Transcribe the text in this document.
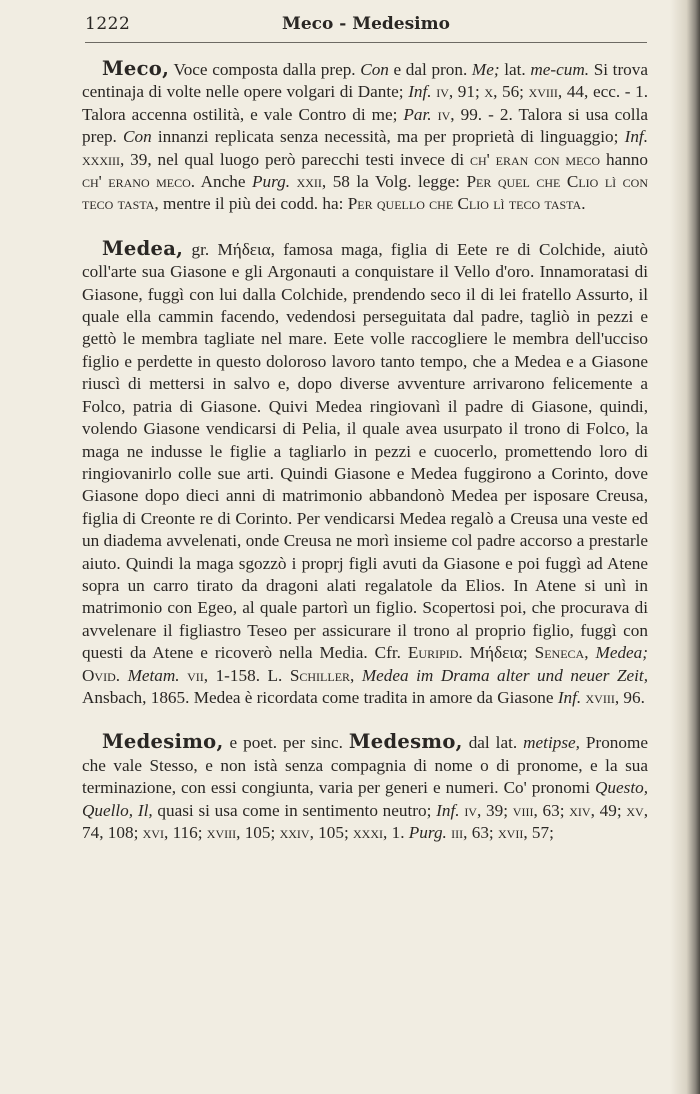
1222	Meco - Medesimo

Meco, Voce composta dalla prep. Con e dal pron. Me; lat. me-cum. Si trova centinaja di volte nelle opere volgari di Dante; Inf. iv, 91; x, 56; xviii, 44, ecc. - 1. Talora accenna ostilità, e vale Contro di me; Par. iv, 99. - 2. Talora si usa colla prep. Con innanzi replicata senza necessità, ma per proprietà di linguaggio; Inf. xxxiii, 39, nel qual luogo però parecchi testi invece di ch' eran con meco hanno ch' erano meco. Anche Purg. xxii, 58 la Volg. legge: Per quel che Clio lì con teco tasta, mentre il più dei codd. ha: Per quello che Clio lì teco tasta.

Medea, gr. Μήδεια, famosa maga, figlia di Eete re di Colchide, aiutò coll'arte sua Giasone e gli Argonauti a conquistare il Vello d'oro. Innamoratasi di Giasone, fuggì con lui dalla Colchide, prendendo seco il di lei fratello Assurto, il quale ella cammin facendo, vedendosi perseguitata dal padre, tagliò in pezzi e gettò le membra tagliate nel mare. Eete volle raccogliere le membra dell'ucciso figlio e perdette in questo doloroso lavoro tanto tempo, che a Medea e a Giasone riuscì di mettersi in salvo e, dopo diverse avventure arrivarono felicemente a Folco, patria di Giasone. Quivi Medea ringiovanì il padre di Giasone, quindi, volendo Giasone vendicarsi di Pelia, il quale avea usurpato il trono di Folco, la maga ne indusse le figlie a tagliarlo in pezzi e cuocerlo, promettendo loro di ringiovanirlo colle sue arti. Quindi Giasone e Medea fuggirono a Corinto, dove Giasone dopo dieci anni di matrimonio abbandonò Medea per isposare Creusa, figlia di Creonte re di Corinto. Per vendicarsi Medea regalò a Creusa una veste ed un diadema avvelenati, onde Creusa ne morì insieme col padre accorso a prestarle aiuto. Quindi la maga sgozzò i proprj figli avuti da Giasone e poi fuggì ad Atene sopra un carro tirato da dragoni alati regalatole da Elios. In Atene si unì in matrimonio con Egeo, al quale partorì un figlio. Scopertosi poi, che procurava di avvelenare il figliastro Teseo per assicurare il trono al proprio figlio, fuggì con questi da Atene e ricoverò nella Media. Cfr. Euripid. Μήδεια; Seneca, Medea; Ovid. Metam. vii, 1-158. L. Schiller, Medea im Drama alter und neuer Zeit, Ansbach, 1865. Medea è ricordata come tradita in amore da Giasone Inf. xviii, 96.

Medesimo, e poet. per sinc. Medesmo, dal lat. metipse, Pronome che vale Stesso, e non istà senza compagnia di nome o di pronome, e la sua terminazione, con essi congiunta, varia per generi e numeri. Co' pronomi Questo, Quello, Il, quasi si usa come in sentimento neutro; Inf. iv, 39; viii, 63; xiv, 49; xv, 74, 108; xvi, 116; xviii, 105; xxiv, 105; xxxi, 1. Purg. iii, 63; xvii, 57;
